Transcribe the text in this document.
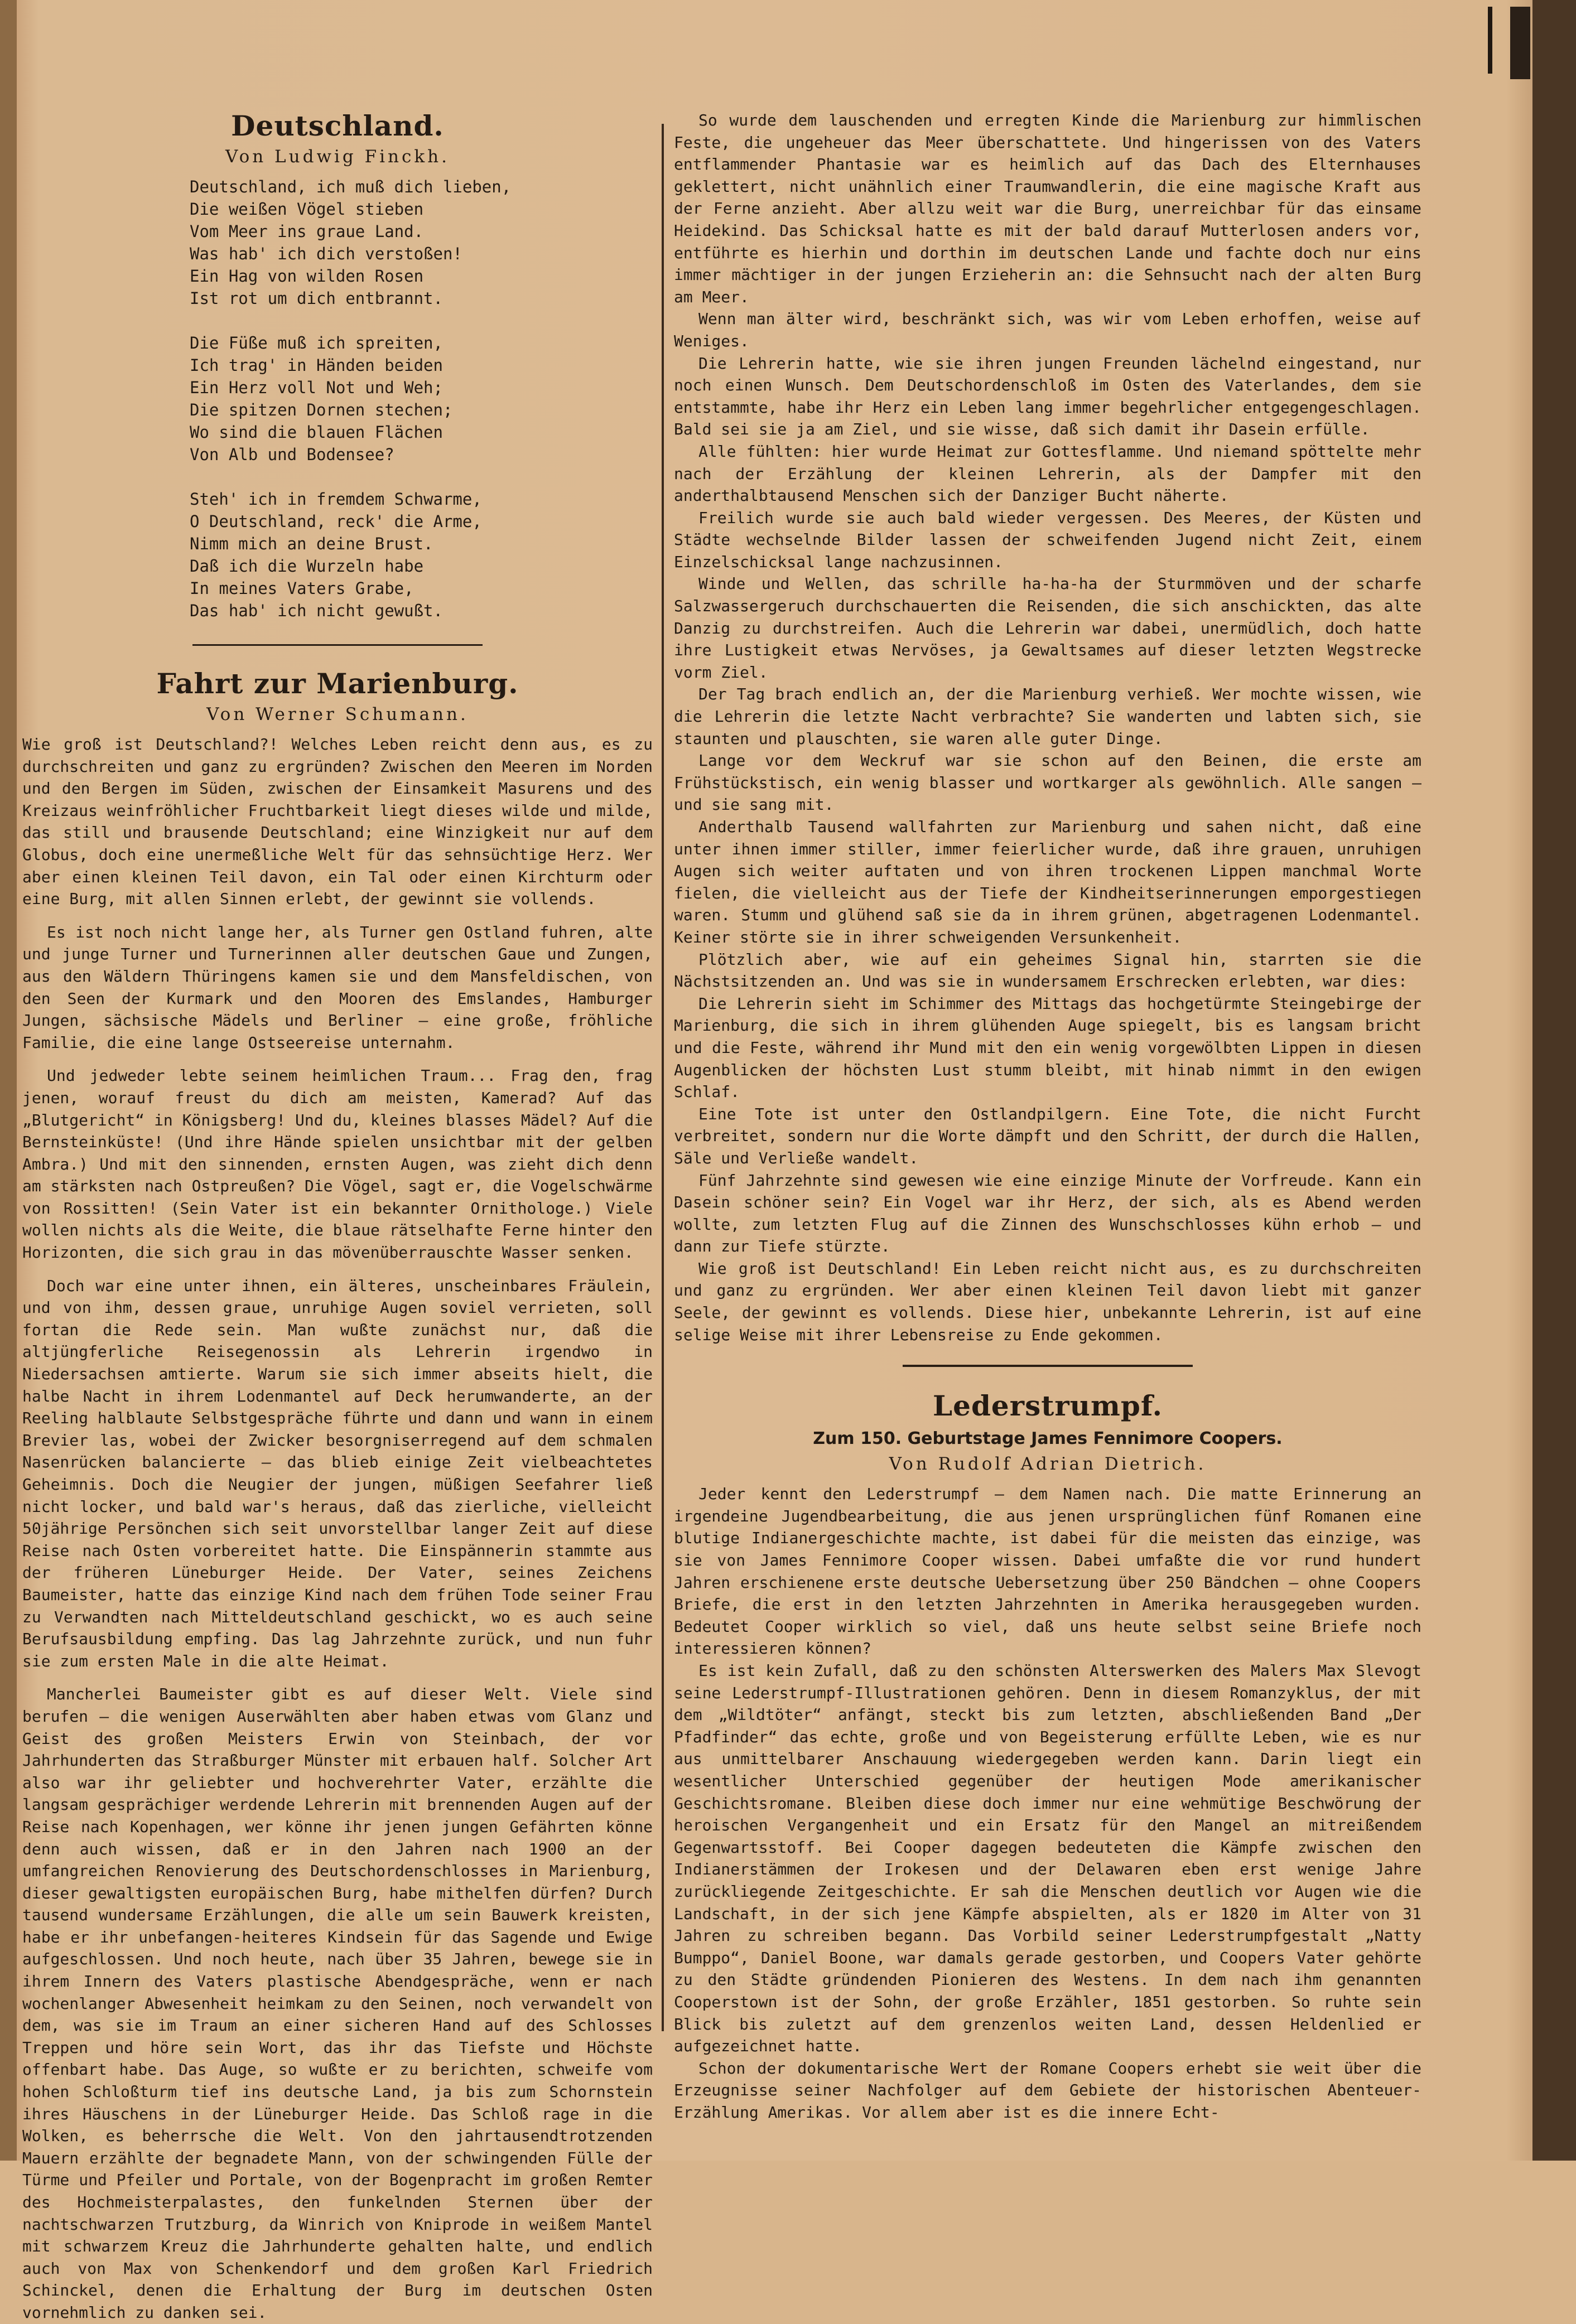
Deutschland.
Von Ludwig Finckh.
Deutschland, ich muß dich lieben,
Die weißen Vögel stieben
Vom Meer ins graue Land.
Was hab' ich dich verstoßen!
Ein Hag von wilden Rosen
Ist rot um dich entbrannt.
Die Füße muß ich spreiten,
Ich trag' in Händen beiden
Ein Herz voll Not und Weh;
Die spitzen Dornen stechen;
Wo sind die blauen Flächen
Von Alb und Bodensee?
Steh' ich in fremdem Schwarme,
O Deutschland, reck' die Arme,
Nimm mich an deine Brust.
Daß ich die Wurzeln habe
In meines Vaters Grabe,
Das hab' ich nicht gewußt.
Fahrt zur Marienburg.
Von Werner Schumann.

Wie groß ist Deutschland?! Welches Leben reicht denn aus, es zu durchschreiten und ganz zu ergründen? Zwischen den Meeren im Norden und den Bergen im Süden, zwischen der Einsamkeit Masurens und des Kreizaus weinfröhlicher Fruchtbarkeit liegt dieses wilde und milde, das still und brausende Deutschland; eine Winzigkeit nur auf dem Globus, doch eine unermeßliche Welt für das sehnsüchtige Herz. Wer aber einen kleinen Teil davon, ein Tal oder einen Kirchturm oder eine Burg, mit allen Sinnen erlebt, der gewinnt sie vollends.

Es ist noch nicht lange her, als Turner gen Ostland fuhren, alte und junge Turner und Turnerinnen aller deutschen Gaue und Zungen, aus den Wäldern Thüringens kamen sie und dem Mansfeldischen, von den Seen der Kurmark und den Mooren des Emslandes, Hamburger Jungen, sächsische Mädels und Berliner — eine große, fröhliche Familie, die eine lange Ostseereise unternahm.

Und jedweder lebte seinem heimlichen Traum... Frag den, frag jenen, worauf freust du dich am meisten, Kamerad? Auf das „Blutgericht“ in Königsberg! Und du, kleines blasses Mädel? Auf die Bernsteinküste! (Und ihre Hände spielen unsichtbar mit der gelben Ambra.) Und mit den sinnenden, ernsten Augen, was zieht dich denn am stärksten nach Ostpreußen? Die Vögel, sagt er, die Vogelschwärme von Rossitten! (Sein Vater ist ein bekannter Ornithologe.) Viele wollen nichts als die Weite, die blaue rätselhafte Ferne hinter den Horizonten, die sich grau in das mövenüberrauschte Wasser senken.

Doch war eine unter ihnen, ein älteres, unscheinbares Fräulein, und von ihm, dessen graue, unruhige Augen soviel verrieten, soll fortan die Rede sein. Man wußte zunächst nur, daß die altjüngferliche Reisegenossin als Lehrerin irgendwo in Niedersachsen amtierte. Warum sie sich immer abseits hielt, die halbe Nacht in ihrem Lodenmantel auf Deck herumwanderte, an der Reeling halblaute Selbstgespräche führte und dann und wann in einem Brevier las, wobei der Zwicker besorgniserregend auf dem schmalen Nasenrücken balancierte — das blieb einige Zeit vielbeachtetes Geheimnis. Doch die Neugier der jungen, müßigen Seefahrer ließ nicht locker, und bald war's heraus, daß das zierliche, vielleicht 50jährige Persönchen sich seit unvorstellbar langer Zeit auf diese Reise nach Osten vorbereitet hatte. Die Einspännerin stammte aus der früheren Lüneburger Heide. Der Vater, seines Zeichens Baumeister, hatte das einzige Kind nach dem frühen Tode seiner Frau zu Verwandten nach Mitteldeutschland geschickt, wo es auch seine Berufsausbildung empfing. Das lag Jahrzehnte zurück, und nun fuhr sie zum ersten Male in die alte Heimat.

Mancherlei Baumeister gibt es auf dieser Welt. Viele sind berufen — die wenigen Auserwählten aber haben etwas vom Glanz und Geist des großen Meisters Erwin von Steinbach, der vor Jahrhunderten das Straßburger Münster mit erbauen half. Solcher Art also war ihr geliebter und hochverehrter Vater, erzählte die langsam gesprächiger werdende Lehrerin mit brennenden Augen auf der Reise nach Kopenhagen, wer könne ihr jenen jungen Gefährten könne denn auch wissen, daß er in den Jahren nach 1900 an der umfangreichen Renovierung des Deutschordenschlosses in Marienburg, dieser gewaltigsten europäischen Burg, habe mithelfen dürfen? Durch tausend wundersame Erzählungen, die alle um sein Bauwerk kreisten, habe er ihr unbefangen-heiteres Kindsein für das Sagende und Ewige aufgeschlossen. Und noch heute, nach über 35 Jahren, bewege sie in ihrem Innern des Vaters plastische Abendgespräche, wenn er nach wochenlanger Abwesenheit heimkam zu den Seinen, noch verwandelt von dem, was sie im Traum an einer sicheren Hand auf des Schlosses Treppen und höre sein Wort, das ihr das Tiefste und Höchste offenbart habe. Das Auge, so wußte er zu berichten, schweife vom hohen Schloßturm tief ins deutsche Land, ja bis zum Schornstein ihres Häuschens in der Lüneburger Heide. Das Schloß rage in die Wolken, es beherrsche die Welt. Von den jahrtausendtrotzenden Mauern erzählte der begnadete Mann, von der schwingenden Fülle der Türme und Pfeiler und Portale, von der Bogenpracht im großen Remter des Hochmeisterpalastes, den funkelnden Sternen über der nachtschwarzen Trutzburg, da Winrich von Kniprode in weißem Mantel mit schwarzem Kreuz die Jahrhunderte gehalten halte, und endlich auch von Max von Schenkendorf und dem großen Karl Friedrich Schinckel, denen die Erhaltung der Burg im deutschen Osten vornehmlich zu danken sei.

So wurde dem lauschenden und erregten Kinde die Marienburg zur himmlischen Feste, die ungeheuer das Meer überschattete. Und hingerissen von des Vaters entflammender Phantasie war es heimlich auf das Dach des Elternhauses geklettert, nicht unähnlich einer Traumwandlerin, die eine magische Kraft aus der Ferne anzieht. Aber allzu weit war die Burg, unerreichbar für das einsame Heidekind. Das Schicksal hatte es mit der bald darauf Mutterlosen anders vor, entführte es hierhin und dorthin im deutschen Lande und fachte doch nur eins immer mächtiger in der jungen Erzieherin an: die Sehnsucht nach der alten Burg am Meer.

Wenn man älter wird, beschränkt sich, was wir vom Leben erhoffen, weise auf Weniges.

Die Lehrerin hatte, wie sie ihren jungen Freunden lächelnd eingestand, nur noch einen Wunsch. Dem Deutschordenschloß im Osten des Vaterlandes, dem sie entstammte, habe ihr Herz ein Leben lang immer begehrlicher entgegengeschlagen. Bald sei sie ja am Ziel, und sie wisse, daß sich damit ihr Dasein erfülle.

Alle fühlten: hier wurde Heimat zur Gottesflamme. Und niemand spöttelte mehr nach der Erzählung der kleinen Lehrerin, als der Dampfer mit den anderthalbtausend Menschen sich der Danziger Bucht näherte.

Freilich wurde sie auch bald wieder vergessen. Des Meeres, der Küsten und Städte wechselnde Bilder lassen der schweifenden Jugend nicht Zeit, einem Einzelschicksal lange nachzusinnen.

Winde und Wellen, das schrille ha-ha-ha der Sturmmöven und der scharfe Salzwassergeruch durchschauerten die Reisenden, die sich anschickten, das alte Danzig zu durchstreifen. Auch die Lehrerin war dabei, unermüdlich, doch hatte ihre Lustigkeit etwas Nervöses, ja Gewaltsames auf dieser letzten Wegstrecke vorm Ziel.

Der Tag brach endlich an, der die Marienburg verhieß. Wer mochte wissen, wie die Lehrerin die letzte Nacht verbrachte? Sie wanderten und labten sich, sie staunten und plauschten, sie waren alle guter Dinge.

Lange vor dem Weckruf war sie schon auf den Beinen, die erste am Frühstückstisch, ein wenig blasser und wortkarger als gewöhnlich. Alle sangen — und sie sang mit.

Anderthalb Tausend wallfahrten zur Marienburg und sahen nicht, daß eine unter ihnen immer stiller, immer feierlicher wurde, daß ihre grauen, unruhigen Augen sich weiter auftaten und von ihren trockenen Lippen manchmal Worte fielen, die vielleicht aus der Tiefe der Kindheitserinnerungen emporgestiegen waren. Stumm und glühend saß sie da in ihrem grünen, abgetragenen Lodenmantel. Keiner störte sie in ihrer schweigenden Versunkenheit.

Plötzlich aber, wie auf ein geheimes Signal hin, starrten sie die Nächstsitzenden an. Und was sie in wundersamem Erschrecken erlebten, war dies:

Die Lehrerin sieht im Schimmer des Mittags das hochgetürmte Steingebirge der Marienburg, die sich in ihrem glühenden Auge spiegelt, bis es langsam bricht und die Feste, während ihr Mund mit den ein wenig vorgewölbten Lippen in diesen Augenblicken der höchsten Lust stumm bleibt, mit hinab nimmt in den ewigen Schlaf.

Eine Tote ist unter den Ostlandpilgern. Eine Tote, die nicht Furcht verbreitet, sondern nur die Worte dämpft und den Schritt, der durch die Hallen, Säle und Verließe wandelt.

Fünf Jahrzehnte sind gewesen wie eine einzige Minute der Vorfreude. Kann ein Dasein schöner sein? Ein Vogel war ihr Herz, der sich, als es Abend werden wollte, zum letzten Flug auf die Zinnen des Wunschschlosses kühn erhob — und dann zur Tiefe stürzte.

Wie groß ist Deutschland! Ein Leben reicht nicht aus, es zu durchschreiten und ganz zu ergründen. Wer aber einen kleinen Teil davon liebt mit ganzer Seele, der gewinnt es vollends. Diese hier, unbekannte Lehrerin, ist auf eine selige Weise mit ihrer Lebensreise zu Ende gekommen.

Lederstrumpf.
Zum 150. Geburtstage James Fennimore Coopers.
Von Rudolf Adrian Dietrich.

Jeder kennt den Lederstrumpf — dem Namen nach. Die matte Erinnerung an irgendeine Jugendbearbeitung, die aus jenen ursprünglichen fünf Romanen eine blutige Indianergeschichte machte, ist dabei für die meisten das einzige, was sie von James Fennimore Cooper wissen. Dabei umfaßte die vor rund hundert Jahren erschienene erste deutsche Uebersetzung über 250 Bändchen — ohne Coopers Briefe, die erst in den letzten Jahrzehnten in Amerika herausgegeben wurden. Bedeutet Cooper wirklich so viel, daß uns heute selbst seine Briefe noch interessieren können?

Es ist kein Zufall, daß zu den schönsten Alterswerken des Malers Max Slevogt seine Lederstrumpf-Illustrationen gehören. Denn in diesem Romanzyklus, der mit dem „Wildtöter“ anfängt, steckt bis zum letzten, abschließenden Band „Der Pfadfinder“ das echte, große und von Begeisterung erfüllte Leben, wie es nur aus unmittelbarer Anschauung wiedergegeben werden kann. Darin liegt ein wesentlicher Unterschied gegenüber der heutigen Mode amerikanischer Geschichtsromane. Bleiben diese doch immer nur eine wehmütige Beschwörung der heroischen Vergangenheit und ein Ersatz für den Mangel an mitreißendem Gegenwartsstoff. Bei Cooper dagegen bedeuteten die Kämpfe zwischen den Indianerstämmen der Irokesen und der Delawaren eben erst wenige Jahre zurückliegende Zeitgeschichte. Er sah die Menschen deutlich vor Augen wie die Landschaft, in der sich jene Kämpfe abspielten, als er 1820 im Alter von 31 Jahren zu schreiben begann. Das Vorbild seiner Lederstrumpfgestalt „Natty Bumppo“, Daniel Boone, war damals gerade gestorben, und Coopers Vater gehörte zu den Städte gründenden Pionieren des Westens. In dem nach ihm genannten Cooperstown ist der Sohn, der große Erzähler, 1851 gestorben. So ruhte sein Blick bis zuletzt auf dem grenzenlos weiten Land, dessen Heldenlied er aufgezeichnet hatte.

Schon der dokumentarische Wert der Romane Coopers erhebt sie weit über die Erzeugnisse seiner Nachfolger auf dem Gebiete der historischen Abenteuer-Erzählung Amerikas. Vor allem aber ist es die innere Echt-
